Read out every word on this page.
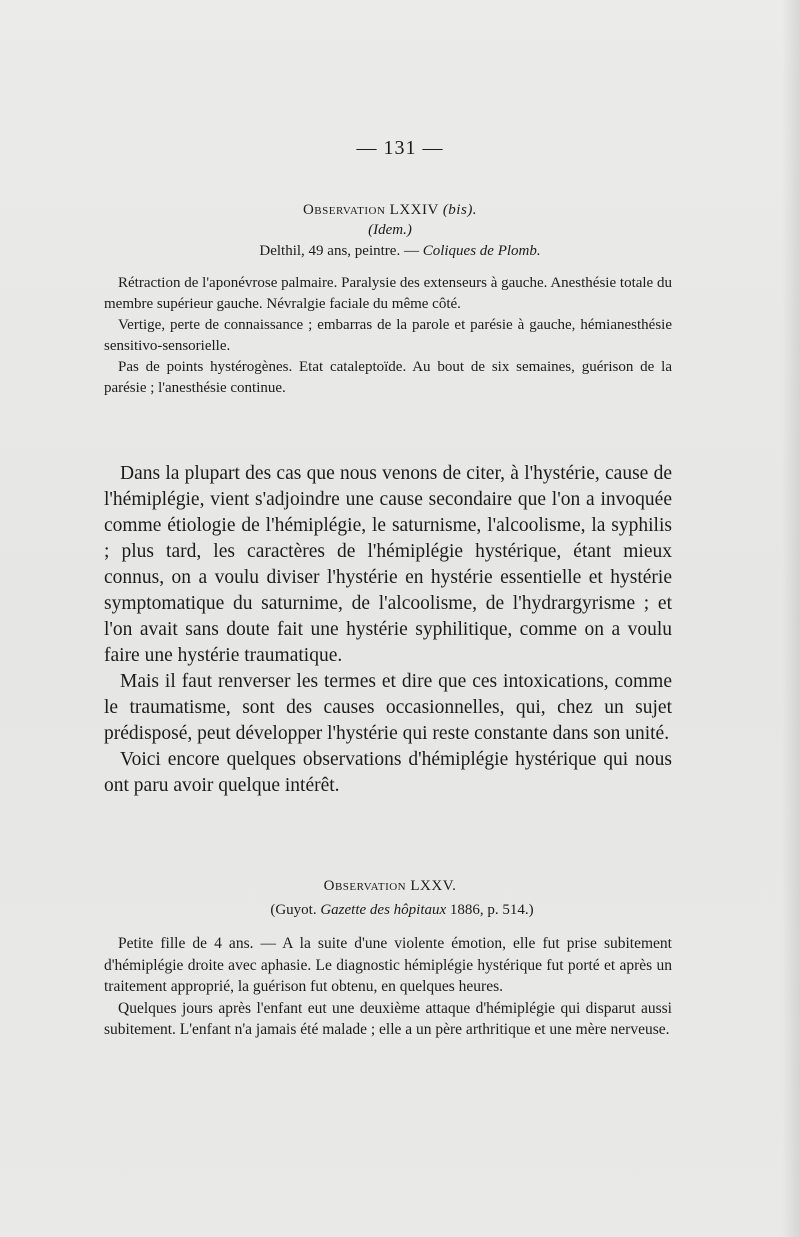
— 131 —
Observation LXXIV (bis).
(Idem.)
Delthil, 49 ans, peintre. — Coliques de Plomb.

Rétraction de l'aponévrose palmaire. Paralysie des extenseurs à gauche. Anesthésie totale du membre supérieur gauche. Névralgie faciale du même côté.

Vertige, perte de connaissance ; embarras de la parole et parésie à gauche, hémianesthésie sensitivo-sensorielle.

Pas de points hystérogènes. Etat cataleptoïde. Au bout de six semaines, guérison de la parésie ; l'anesthésie continue.

Dans la plupart des cas que nous venons de citer, à l'hystérie, cause de l'hémiplégie, vient s'adjoindre une cause secondaire que l'on a invoquée comme étiologie de l'hémiplégie, le saturnisme, l'alcoolisme, la syphilis ; plus tard, les caractères de l'hémiplégie hystérique, étant mieux connus, on a voulu diviser l'hystérie en hystérie essentielle et hystérie symptomatique du saturnime, de l'alcoolisme, de l'hydrargyrisme ; et l'on avait sans doute fait une hystérie syphilitique, comme on a voulu faire une hystérie traumatique.

Mais il faut renverser les termes et dire que ces intoxications, comme le traumatisme, sont des causes occasionnelles, qui, chez un sujet prédisposé, peut développer l'hystérie qui reste constante dans son unité.

Voici encore quelques observations d'hémiplégie hystérique qui nous ont paru avoir quelque intérêt.

Observation LXXV.
(Guyot. Gazette des hôpitaux 1886, p. 514.)

Petite fille de 4 ans. — A la suite d'une violente émotion, elle fut prise subitement d'hémiplégie droite avec aphasie. Le diagnostic hémiplégie hystérique fut porté et après un traitement approprié, la guérison fut obtenu, en quelques heures.

Quelques jours après l'enfant eut une deuxième attaque d'hémiplégie qui disparut aussi subitement. L'enfant n'a jamais été malade ; elle a un père arthritique et une mère nerveuse.
